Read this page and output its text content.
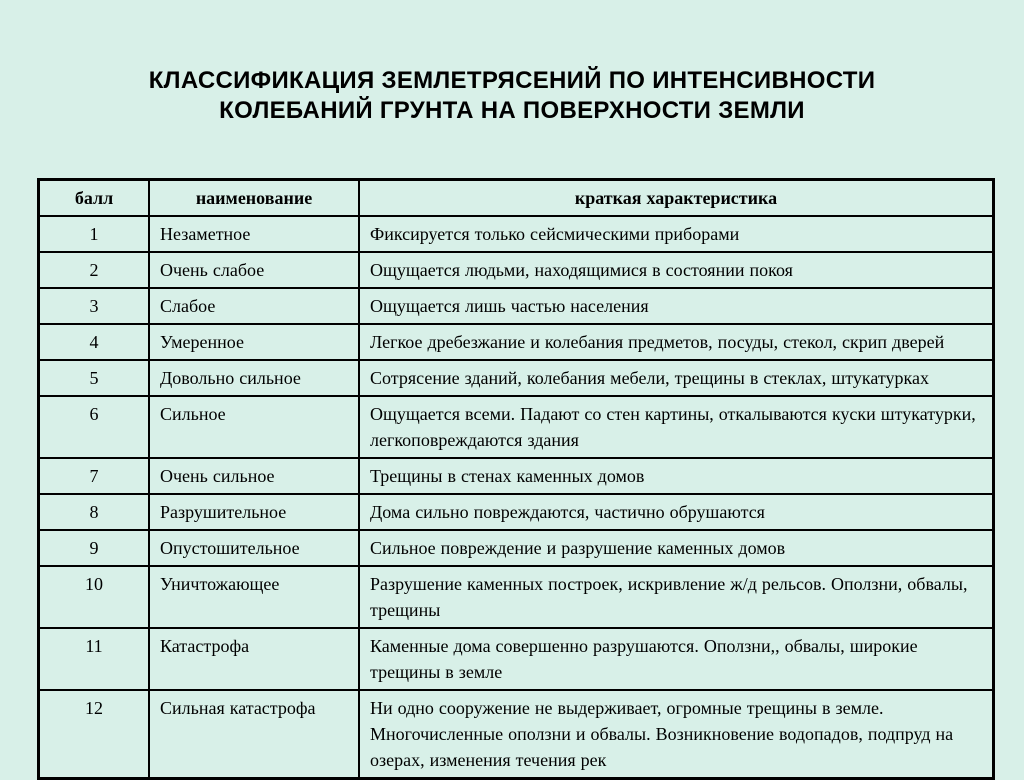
КЛАССИФИКАЦИЯ ЗЕМЛЕТРЯСЕНИЙ ПО ИНТЕНСИВНОСТИ
КОЛЕБАНИЙ ГРУНТА НА ПОВЕРХНОСТИ ЗЕМЛИ
балл	наименование	краткая характеристика
1	Незаметное	Фиксируется только сейсмическими приборами
2	Очень слабое	Ощущается людьми, находящимися в состоянии покоя
3	Слабое	Ощущается лишь частью населения
4	Умеренное	Легкое дребезжание и колебания предметов, посуды, стекол, скрип дверей
5	Довольно сильное	Сотрясение зданий, колебания мебели, трещины в стеклах, штукатурках
6	Сильное	Ощущается всеми. Падают со стен картины, откалываются куски штукатурки, легкоповреждаются здания
7	Очень сильное	Трещины в стенах каменных домов
8	Разрушительное	Дома сильно повреждаются, частично обрушаются
9	Опустошительное	Сильное повреждение и разрушение каменных домов
10	Уничтожающее	Разрушение каменных построек, искривление ж/д рельсов. Оползни, обвалы, трещины
11	Катастрофа	Каменные дома совершенно разрушаются. Оползни,, обвалы, широкие трещины в земле
12	Сильная катастрофа	Ни одно сооружение не выдерживает, огромные трещины в земле. Многочисленные оползни и обвалы. Возникновение водопадов, подпруд на озерах, изменения течения рек
